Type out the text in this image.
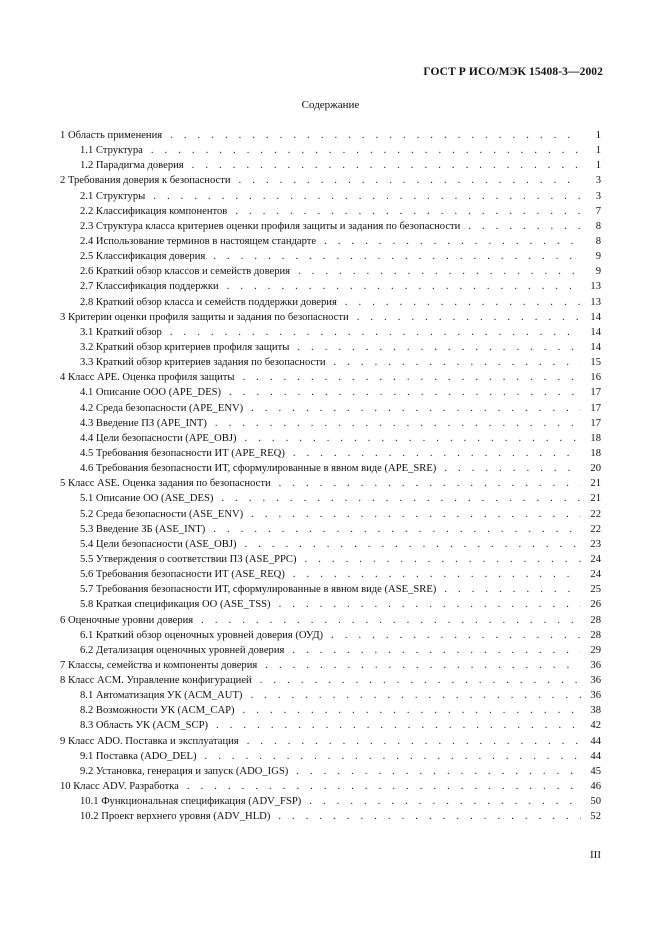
ГОСТ Р ИСО/МЭК 15408-3—2002
Содержание
1 Область применения . . .	1
1.1 Структура . . .	1
1.2 Парадигма доверия . . .	1
2 Требования доверия к безопасности . . .	3
2.1 Структуры . . .	3
2.2 Классификация компонентов . . .	7
2.3 Структура класса критериев оценки профиля защиты и задания по безопасности . . .	8
2.4 Использование терминов в настоящем стандарте . . .	8
2.5 Классификация доверия . . .	9
2.6 Краткий обзор классов и семейств доверия . . .	9
2.7 Классификация поддержки . . .	13
2.8 Краткий обзор класса и семейств поддержки доверия . . .	13
3 Критерии оценки профиля защиты и задания по безопасности . . .	14
3.1 Краткий обзор . . .	14
3.2 Краткий обзор критериев профиля защиты . . .	14
3.3 Краткий обзор критериев задания по безопасности . . .	15
4 Класс APE. Оценка профиля защиты . . .	16
4.1 Описание ООО (APE_DES) . . .	17
4.2 Среда безопасности (APE_ENV) . . .	17
4.3 Введение ПЗ (APE_INT) . . .	17
4.4 Цели безопасности (APE_OBJ) . . .	18
4.5 Требования безопасности ИТ (APE_REQ) . . .	18
4.6 Требования безопасности ИТ, сформулированные в явном виде (APE_SRE) . . .	20
5 Класс ASE. Оценка задания по безопасности . . .	21
5.1 Описание ОО (ASE_DES) . . .	21
5.2 Среда безопасности (ASE_ENV) . . .	22
5.3 Введение ЗБ (ASE_INT) . . .	22
5.4 Цели безопасности (ASE_OBJ) . . .	23
5.5 Утверждения о соответствии ПЗ (ASE_PPC) . . .	24
5.6 Требования безопасности ИТ (ASE_REQ) . . .	24
5.7 Требования безопасности ИТ, сформулированные в явном виде (ASE_SRE) . . .	25
5.8 Краткая спецификация ОО (ASE_TSS) . . .	26
6 Оценочные уровни доверия . . .	28
6.1 Краткий обзор оценочных уровней доверия (ОУД) . . .	28
6.2 Детализация оценочных уровней доверия . . .	29
7 Классы, семейства и компоненты доверия . . .	36
8 Класс ACM. Управление конфигурацией . . .	36
8.1 Автоматизация УК (ACM_AUT) . . .	36
8.2 Возможности УК (ACM_CAP) . . .	38
8.3 Область УК (ACM_SCP) . . .	42
9 Класс ADO. Поставка и эксплуатация . . .	44
9.1 Поставка (ADO_DEL) . . .	44
9.2 Установка, генерация и запуск (ADO_IGS) . . .	45
10 Класс ADV. Разработка . . .	46
10.1 Функциональная спецификация (ADV_FSP) . . .	50
10.2 Проект верхнего уровня (ADV_HLD) . . .	52
III
